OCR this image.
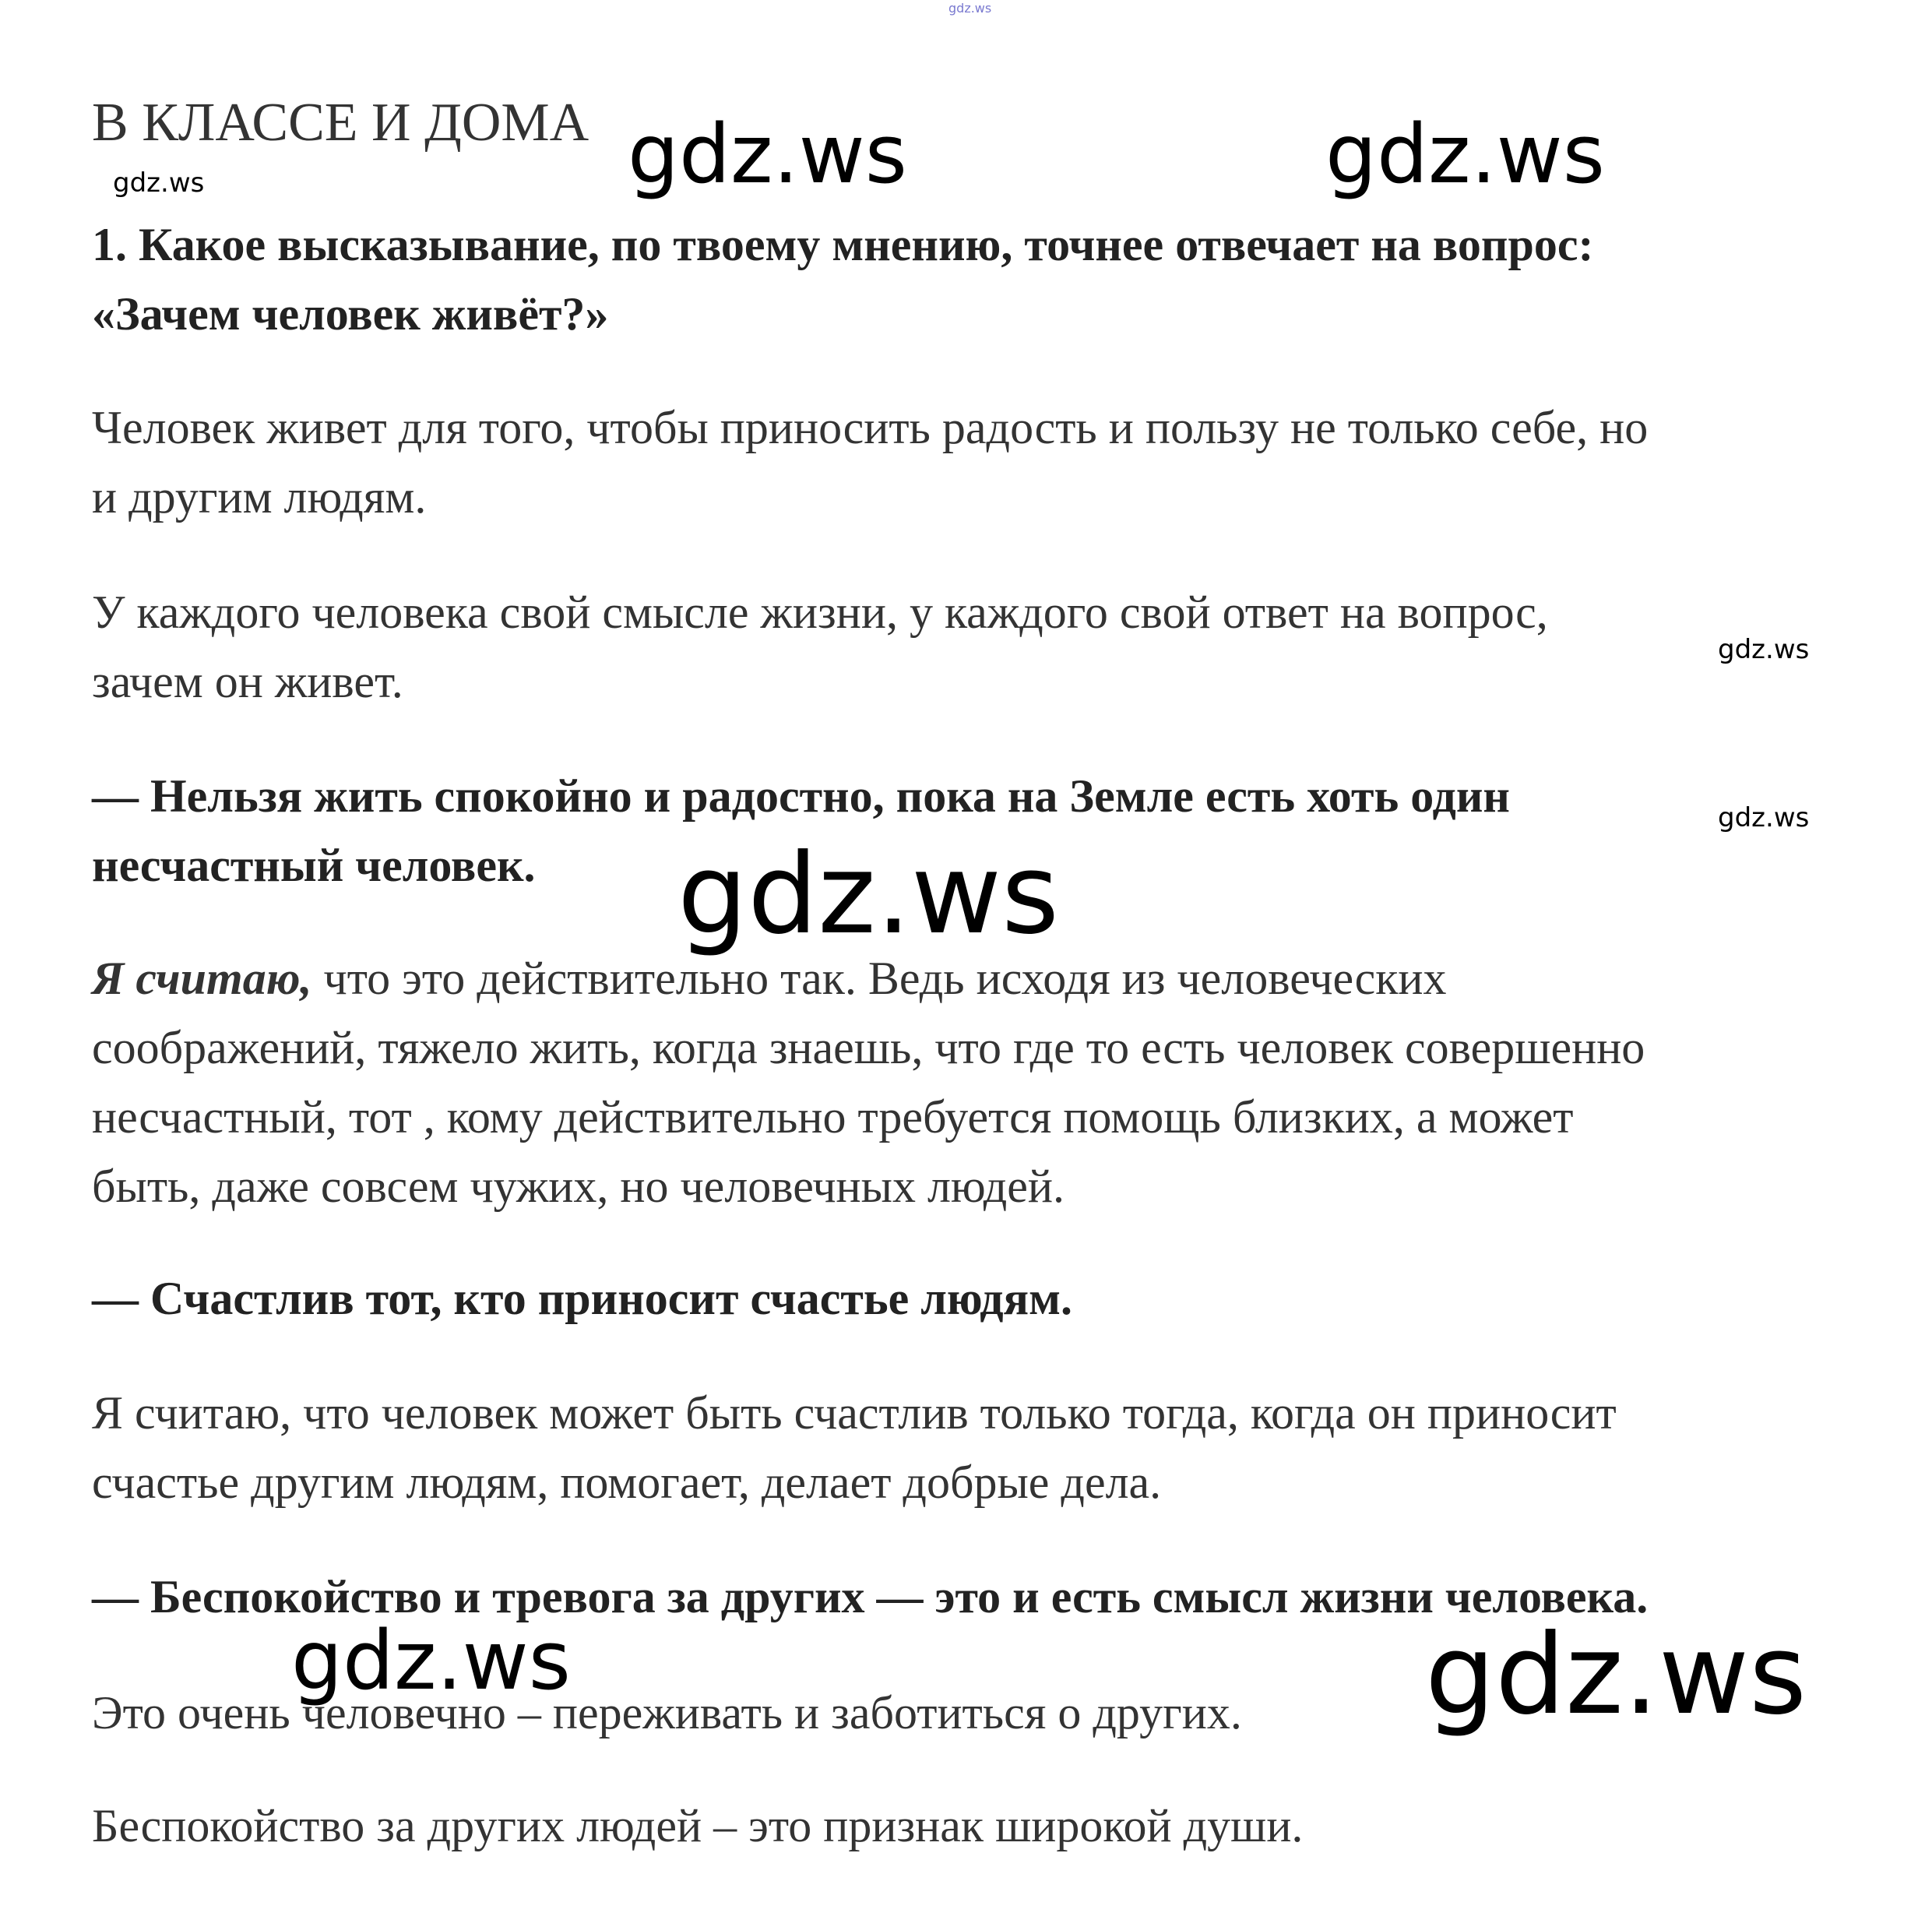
gdz.ws
gdz.ws	gdz.ws	gdz.ws
gdz.ws
gdz.ws
gdz.ws
gdz.ws	gdz.ws
В КЛАССЕ И ДОМА
1. Какое высказывание, по твоему мнению, точнее отвечает на вопрос:
«Зачем человек живёт?»
Человек живет для того, чтобы приносить радость и пользу не только себе, но
и другим людям.
У каждого человека свой смысле жизни, у каждого свой ответ на вопрос,
зачем он живет.
— Нельзя жить спокойно и радостно, пока на Земле есть хоть один
несчастный человек.
Я считаю, что это действительно так. Ведь исходя из человеческих
соображений, тяжело жить, когда знаешь, что где то есть человек совершенно
несчастный, тот , кому действительно требуется помощь близких, а может
быть, даже совсем чужих, но человечных людей.
— Счастлив тот, кто приносит счастье людям.
Я считаю, что человек может быть счастлив только тогда, когда он приносит
счастье другим людям, помогает, делает добрые дела.
— Беспокойство и тревога за других — это и есть смысл жизни человека.
Это очень человечно – переживать и заботиться о других.
Беспокойство за других людей – это признак широкой души.
